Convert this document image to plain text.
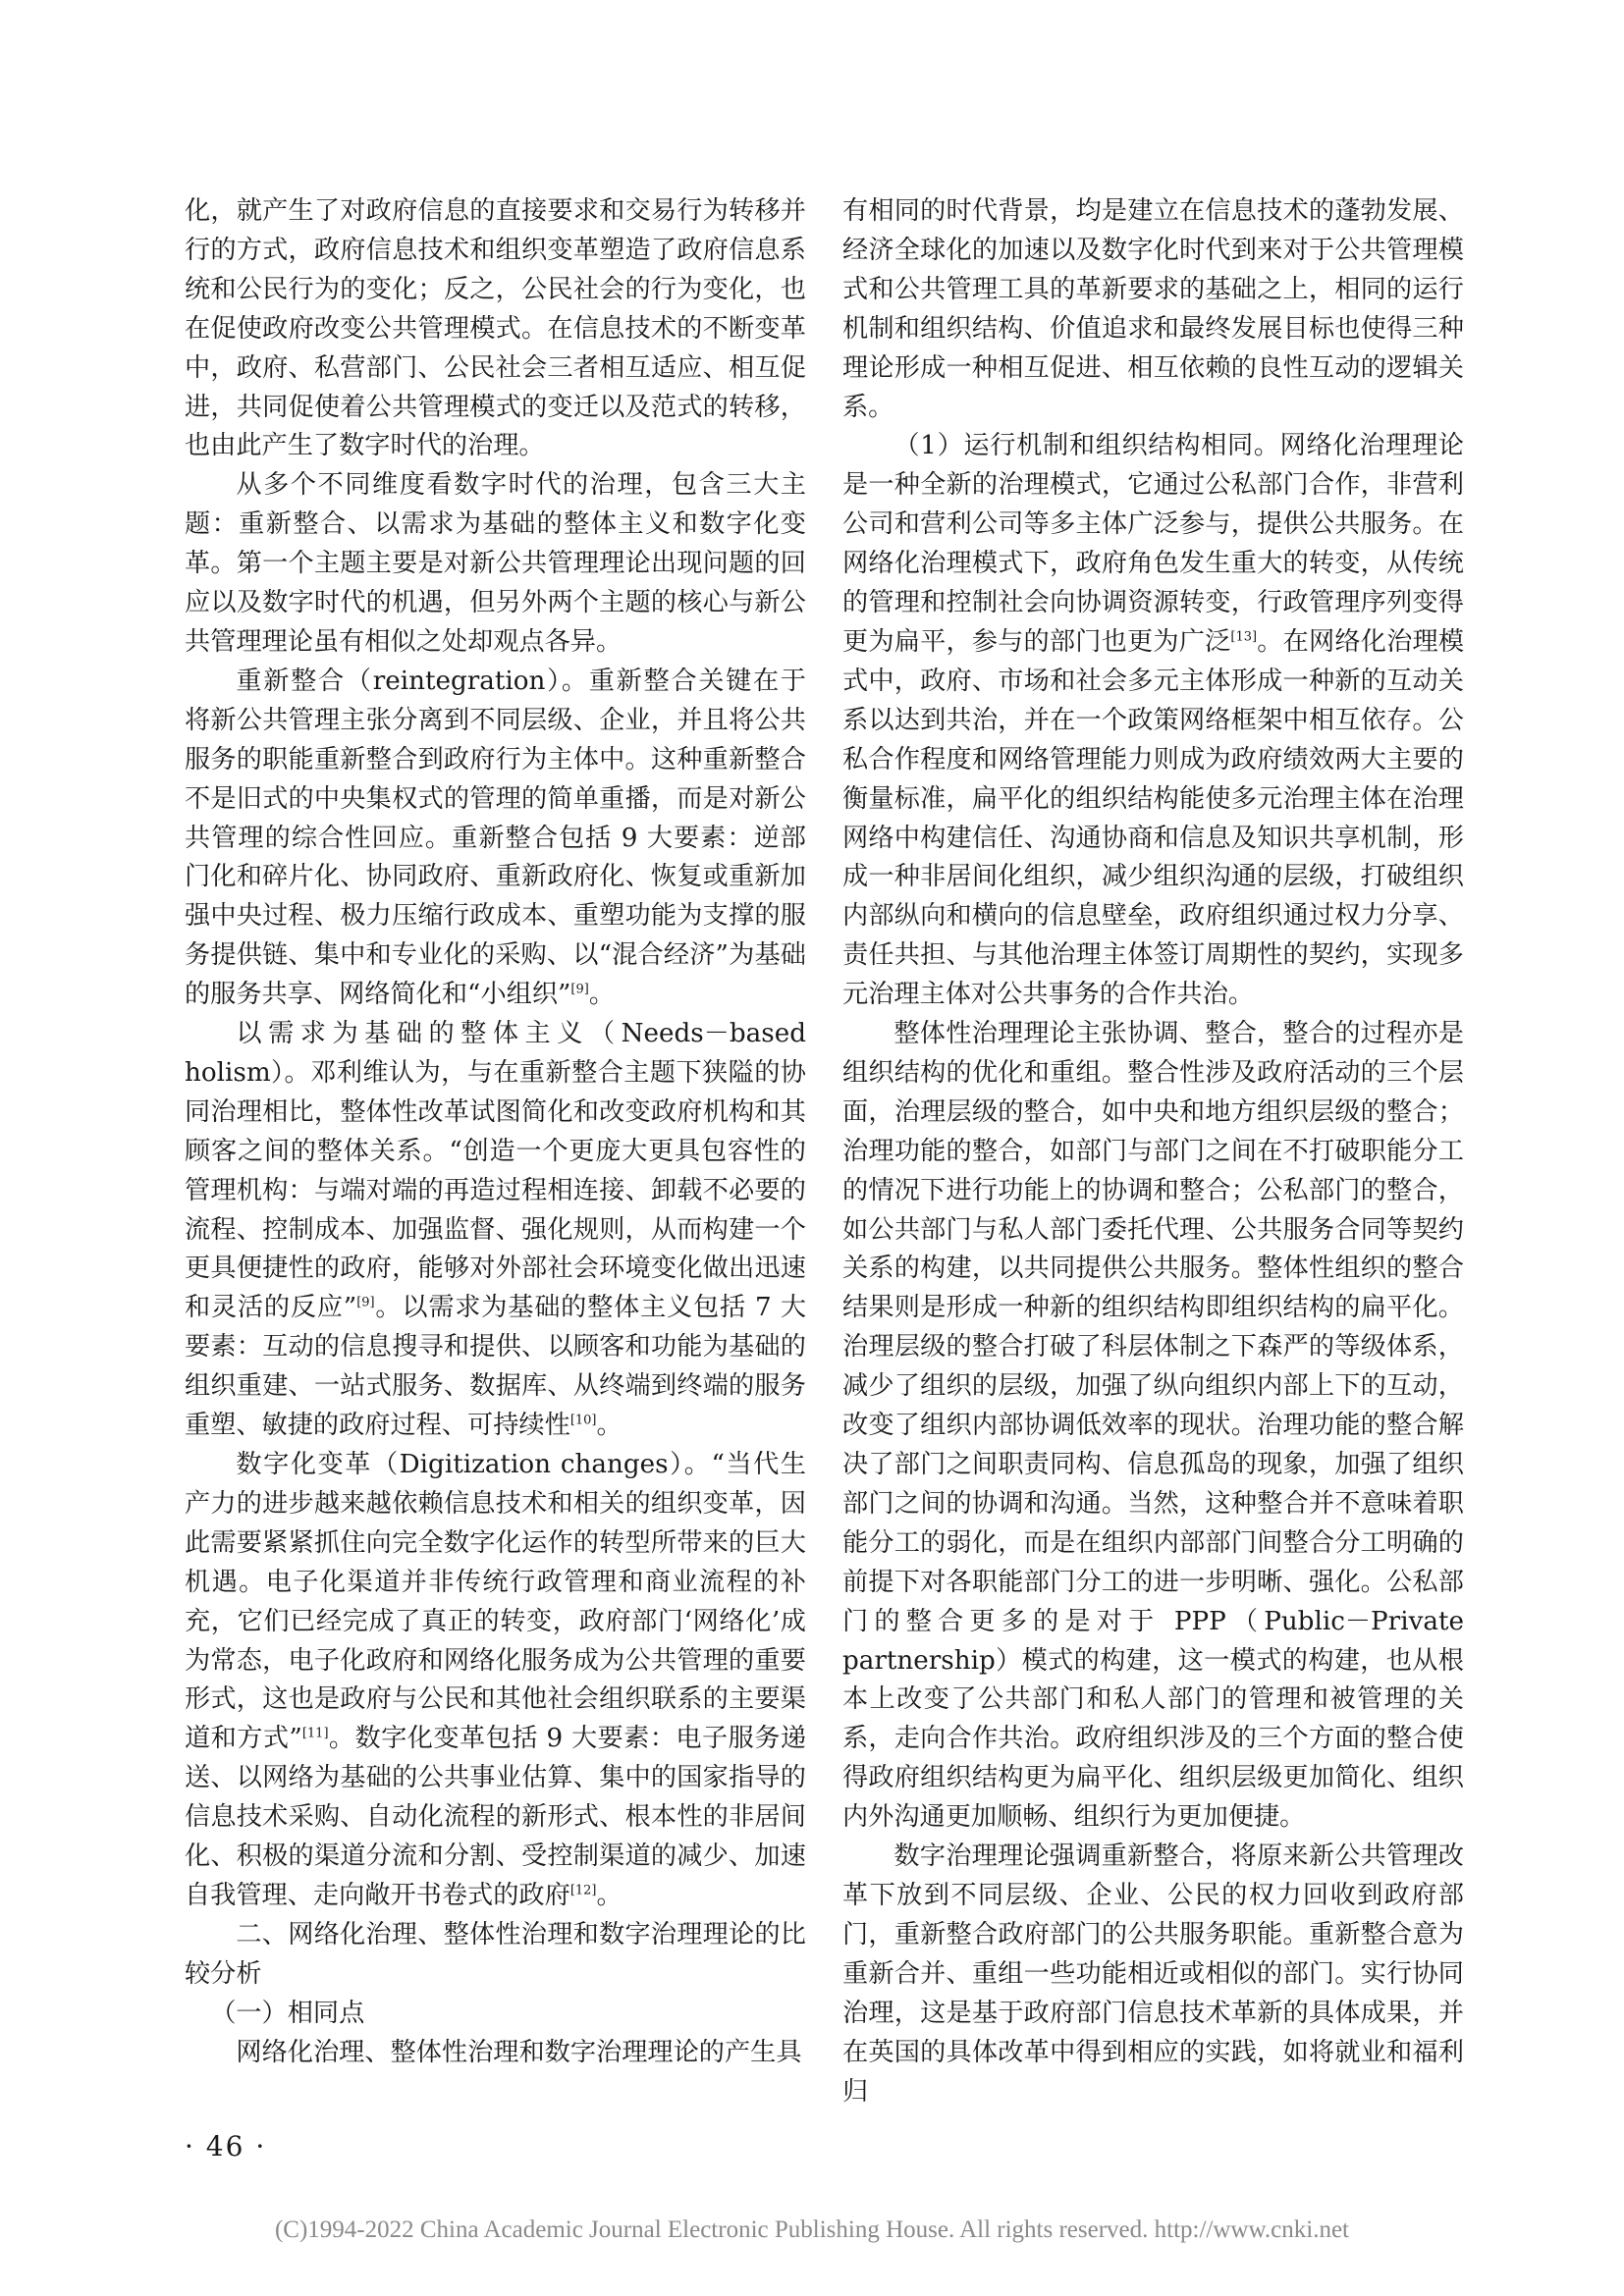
化，就产生了对政府信息的直接要求和交易行为转移并行的方式，政府信息技术和组织变革塑造了政府信息系统和公民行为的变化；反之，公民社会的行为变化，也在促使政府改变公共管理模式。在信息技术的不断变革中，政府、私营部门、公民社会三者相互适应、相互促进，共同促使着公共管理模式的变迁以及范式的转移，也由此产生了数字时代的治理。

从多个不同维度看数字时代的治理，包含三大主题：重新整合、以需求为基础的整体主义和数字化变革。第一个主题主要是对新公共管理理论出现问题的回应以及数字时代的机遇，但另外两个主题的核心与新公共管理理论虽有相似之处却观点各异。

重新整合（reintegration）。重新整合关键在于将新公共管理主张分离到不同层级、企业，并且将公共服务的职能重新整合到政府行为主体中。这种重新整合不是旧式的中央集权式的管理的简单重播，而是对新公共管理的综合性回应。重新整合包括 9 大要素：逆部门化和碎片化、协同政府、重新政府化、恢复或重新加强中央过程、极力压缩行政成本、重塑功能为支撑的服务提供链、集中和专业化的采购、以“混合经济”为基础的服务共享、网络简化和“小组织”[9]。

以需求为基础的整体主义（Needs－based holism）。邓利维认为，与在重新整合主题下狭隘的协同治理相比，整体性改革试图简化和改变政府机构和其顾客之间的整体关系。“创造一个更庞大更具包容性的管理机构：与端对端的再造过程相连接、卸载不必要的流程、控制成本、加强监督、强化规则，从而构建一个更具便捷性的政府，能够对外部社会环境变化做出迅速和灵活的反应”[9]。以需求为基础的整体主义包括 7 大要素：互动的信息搜寻和提供、以顾客和功能为基础的组织重建、一站式服务、数据库、从终端到终端的服务重塑、敏捷的政府过程、可持续性[10]。

数字化变革（Digitization changes）。“当代生产力的进步越来越依赖信息技术和相关的组织变革，因此需要紧紧抓住向完全数字化运作的转型所带来的巨大机遇。电子化渠道并非传统行政管理和商业流程的补充，它们已经完成了真正的转变，政府部门‘网络化’成为常态，电子化政府和网络化服务成为公共管理的重要形式，这也是政府与公民和其他社会组织联系的主要渠道和方式”[11]。数字化变革包括 9 大要素：电子服务递送、以网络为基础的公共事业估算、集中的国家指导的信息技术采购、自动化流程的新形式、根本性的非居间化、积极的渠道分流和分割、受控制渠道的减少、加速自我管理、走向敞开书卷式的政府[12]。

二、网络化治理、整体性治理和数字治理理论的比较分析

（一）相同点

网络化治理、整体性治理和数字治理理论的产生具

有相同的时代背景，均是建立在信息技术的蓬勃发展、经济全球化的加速以及数字化时代到来对于公共管理模式和公共管理工具的革新要求的基础之上，相同的运行机制和组织结构、价值追求和最终发展目标也使得三种理论形成一种相互促进、相互依赖的良性互动的逻辑关系。

（1）运行机制和组织结构相同。网络化治理理论是一种全新的治理模式，它通过公私部门合作，非营利公司和营利公司等多主体广泛参与，提供公共服务。在网络化治理模式下，政府角色发生重大的转变，从传统的管理和控制社会向协调资源转变，行政管理序列变得更为扁平，参与的部门也更为广泛[13]。在网络化治理模式中，政府、市场和社会多元主体形成一种新的互动关系以达到共治，并在一个政策网络框架中相互依存。公私合作程度和网络管理能力则成为政府绩效两大主要的衡量标准，扁平化的组织结构能使多元治理主体在治理网络中构建信任、沟通协商和信息及知识共享机制，形成一种非居间化组织，减少组织沟通的层级，打破组织内部纵向和横向的信息壁垒，政府组织通过权力分享、责任共担、与其他治理主体签订周期性的契约，实现多元治理主体对公共事务的合作共治。

整体性治理理论主张协调、整合，整合的过程亦是组织结构的优化和重组。整合性涉及政府活动的三个层面，治理层级的整合，如中央和地方组织层级的整合；治理功能的整合，如部门与部门之间在不打破职能分工的情况下进行功能上的协调和整合；公私部门的整合，如公共部门与私人部门委托代理、公共服务合同等契约关系的构建，以共同提供公共服务。整体性组织的整合结果则是形成一种新的组织结构即组织结构的扁平化。治理层级的整合打破了科层体制之下森严的等级体系，减少了组织的层级，加强了纵向组织内部上下的互动，改变了组织内部协调低效率的现状。治理功能的整合解决了部门之间职责同构、信息孤岛的现象，加强了组织部门之间的协调和沟通。当然，这种整合并不意味着职能分工的弱化，而是在组织内部部门间整合分工明确的前提下对各职能部门分工的进一步明晰、强化。公私部门的整合更多的是对于 PPP（Public－Private partnership）模式的构建，这一模式的构建，也从根本上改变了公共部门和私人部门的管理和被管理的关系，走向合作共治。政府组织涉及的三个方面的整合使得政府组织结构更为扁平化、组织层级更加简化、组织内外沟通更加顺畅、组织行为更加便捷。

数字治理理论强调重新整合，将原来新公共管理改革下放到不同层级、企业、公民的权力回收到政府部门，重新整合政府部门的公共服务职能。重新整合意为重新合并、重组一些功能相近或相似的部门。实行协同治理，这是基于政府部门信息技术革新的具体成果，并在英国的具体改革中得到相应的实践，如将就业和福利归

· 46 ·
(C)1994-2022 China Academic Journal Electronic Publishing House. All rights reserved. http://www.cnki.net
